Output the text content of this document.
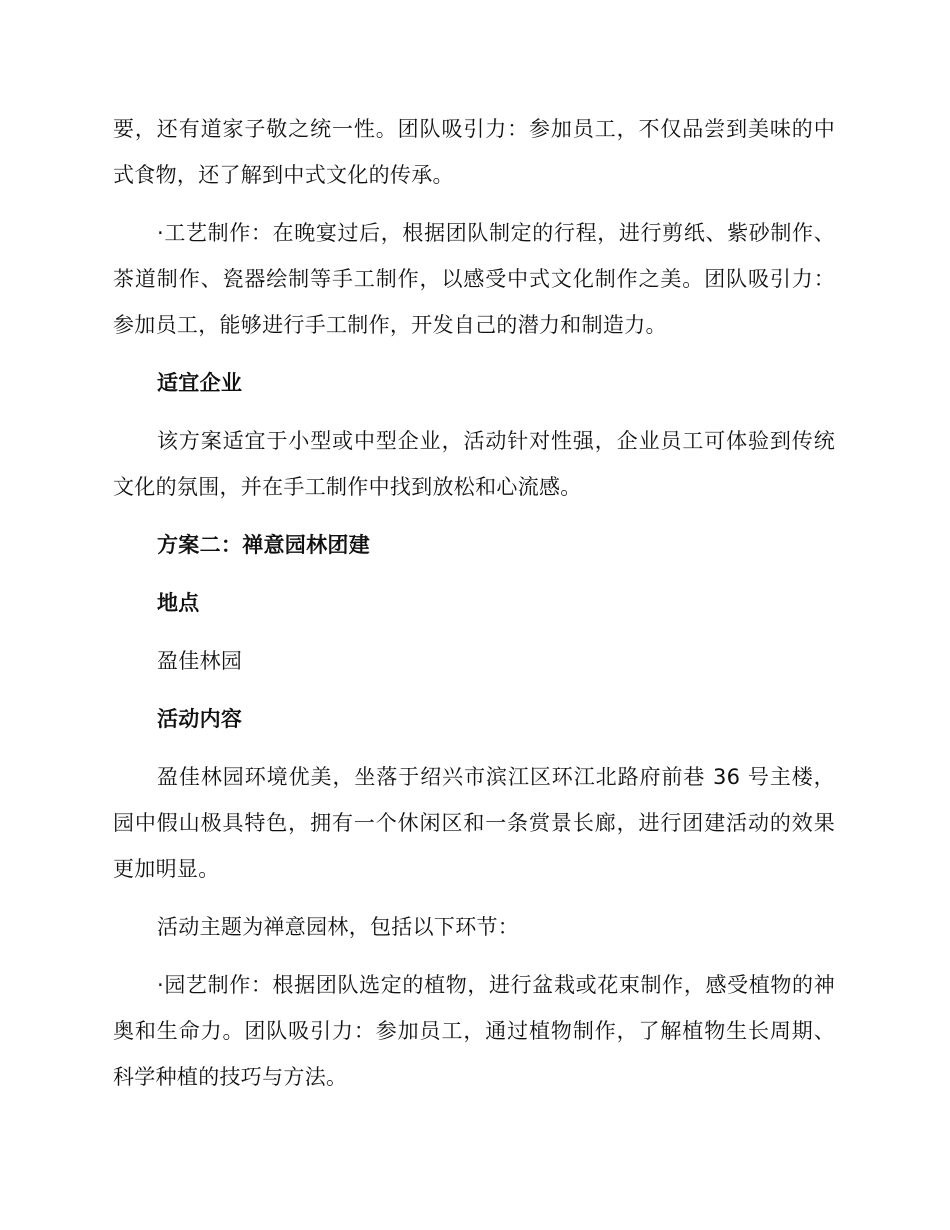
要，还有道家子敬之统一性。团队吸引力：参加员工，不仅品尝到美味的中式食物，还了解到中式文化的传承。

·工艺制作：在晚宴过后，根据团队制定的行程，进行剪纸、紫砂制作、茶道制作、瓷器绘制等手工制作，以感受中式文化制作之美。团队吸引力：参加员工，能够进行手工制作，开发自己的潜力和制造力。

适宜企业

该方案适宜于小型或中型企业，活动针对性强，企业员工可体验到传统文化的氛围，并在手工制作中找到放松和心流感。

方案二：禅意园林团建

地点

盈佳林园

活动内容

盈佳林园环境优美，坐落于绍兴市滨江区环江北路府前巷 36 号主楼，园中假山极具特色，拥有一个休闲区和一条赏景长廊，进行团建活动的效果更加明显。

活动主题为禅意园林，包括以下环节：

·园艺制作：根据团队选定的植物，进行盆栽或花束制作，感受植物的神奥和生命力。团队吸引力：参加员工，通过植物制作，了解植物生长周期、科学种植的技巧与方法。
